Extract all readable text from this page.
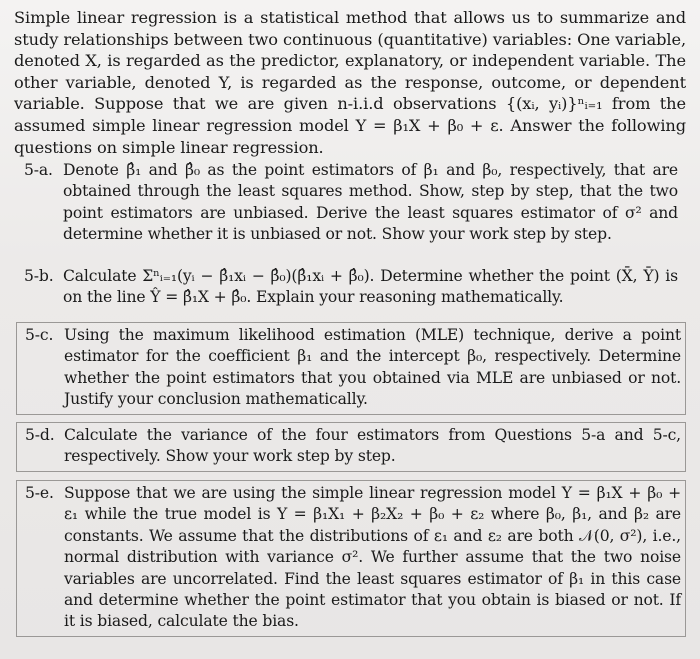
Simple linear regression is a statistical method that allows us to summarize and study relationships between two continuous (quantitative) variables: One variable, denoted X, is regarded as the predictor, explanatory, or independent variable. The other variable, denoted Y, is regarded as the response, outcome, or dependent variable. Suppose that we are given n-i.i.d observations {(xᵢ, yᵢ)}ⁿᵢ₌₁ from the assumed simple linear regression model Y = β₁X + β₀ + ε. Answer the following questions on simple linear regression.
5-a. Denote β̂₁ and β̂₀ as the point estimators of β₁ and β₀, respectively, that are obtained through the least squares method. Show, step by step, that the two point estimators are unbiased. Derive the least squares estimator of σ² and determine whether it is unbiased or not. Show your work step by step.
5-b. Calculate Σⁿᵢ₌₁(yᵢ − β̂₁xᵢ − β̂₀)(β̂₁xᵢ + β̂₀). Determine whether the point (X̄, Ȳ) is on the line Ŷ = β̂₁X + β̂₀. Explain your reasoning mathematically.
5-c. Using the maximum likelihood estimation (MLE) technique, derive a point estimator for the coefficient β₁ and the intercept β₀, respectively. Determine whether the point estimators that you obtained via MLE are unbiased or not. Justify your conclusion mathematically.
5-d. Calculate the variance of the four estimators from Questions 5-a and 5-c, respectively. Show your work step by step.
5-e. Suppose that we are using the simple linear regression model Y = β₁X + β₀ + ε₁ while the true model is Y = β₁X₁ + β₂X₂ + β₀ + ε₂ where β₀, β₁, and β₂ are constants. We assume that the distributions of ε₁ and ε₂ are both 𝒩(0, σ²), i.e., normal distribution with variance σ². We further assume that the two noise variables are uncorrelated. Find the least squares estimator of β₁ in this case and determine whether the point estimator that you obtain is biased or not. If it is biased, calculate the bias.
